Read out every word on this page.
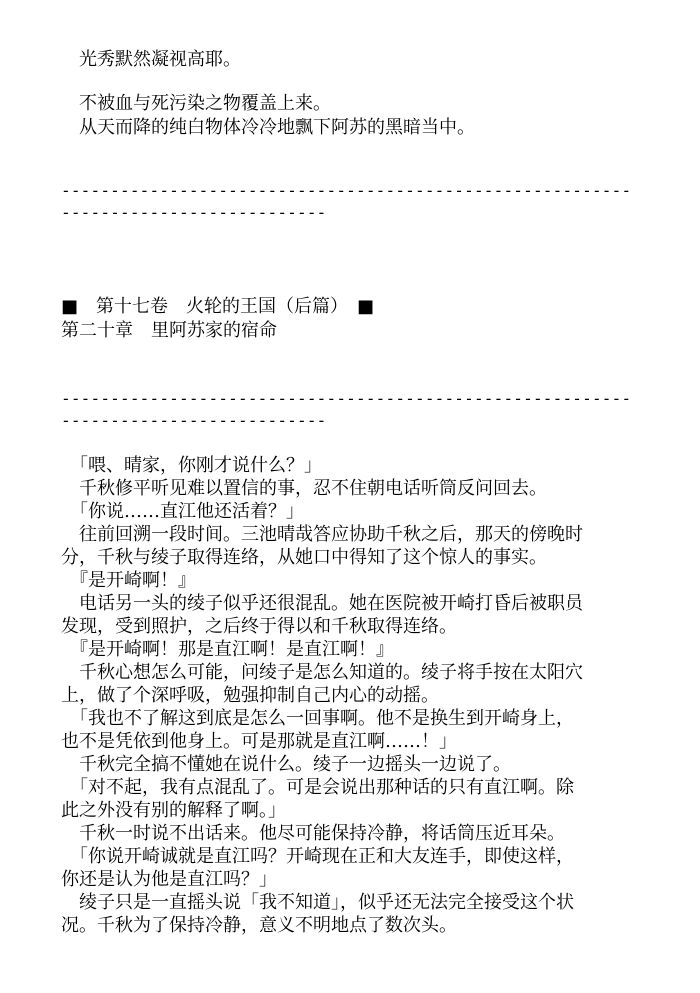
　光秀默然凝视高耶。
　不被血与死污染之物覆盖上来。
　从天而降的纯白物体冷冷地飘下阿苏的黑暗当中。
-------------------------------------------------------------------------------------
■　第十七卷　火轮的王国（后篇）　■
第二十章　里阿苏家的宿命
-------------------------------------------------------------------------------------
　「喂、晴家，你刚才说什么？」
　千秋修平听见难以置信的事，忍不住朝电话听筒反问回去。
　「你说……直江他还活着？」
　往前回溯一段时间。三池晴哉答应协助千秋之后，那天的傍晚时
分，千秋与绫子取得连络，从她口中得知了这个惊人的事实。
　『是开崎啊！』
　电话另一头的绫子似乎还很混乱。她在医院被开崎打昏后被职员
发现，受到照护，之后终于得以和千秋取得连络。
　『是开崎啊！那是直江啊！是直江啊！』
　千秋心想怎么可能，问绫子是怎么知道的。绫子将手按在太阳穴
上，做了个深呼吸，勉强抑制自己内心的动摇。
　「我也不了解这到底是怎么一回事啊。他不是换生到开崎身上，
也不是凭依到他身上。可是那就是直江啊……！」
　千秋完全搞不懂她在说什么。绫子一边摇头一边说了。
　「对不起，我有点混乱了。可是会说出那种话的只有直江啊。除
此之外没有别的解释了啊。」
　千秋一时说不出话来。他尽可能保持冷静，将话筒压近耳朵。
　「你说开崎诚就是直江吗？开崎现在正和大友连手，即使这样，
你还是认为他是直江吗？」
　绫子只是一直摇头说「我不知道」，似乎还无法完全接受这个状
况。千秋为了保持冷静，意义不明地点了数次头。
